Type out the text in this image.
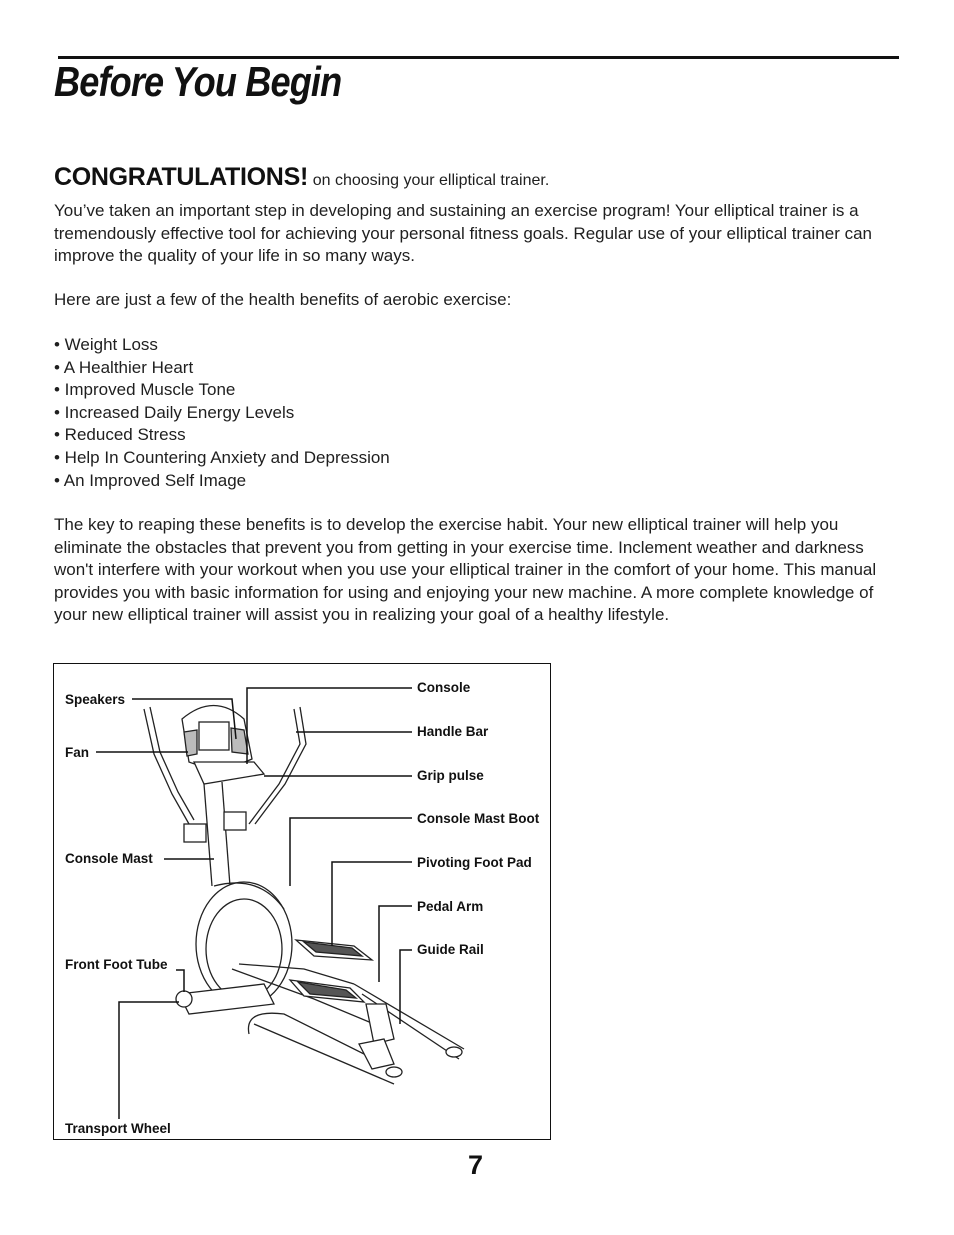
Before You Begin
CONGRATULATIONS! on choosing your elliptical trainer.
You’ve taken an important step in developing and sustaining an exercise program! Your elliptical trainer is a tremendously effective tool for achieving your personal fitness goals. Regular use of your elliptical trainer can improve the quality of your life in so many ways.
Here are just a few of the health benefits of aerobic exercise:
• Weight Loss
• A Healthier Heart
• Improved Muscle Tone
• Increased Daily Energy Levels
• Reduced Stress
• Help In Countering Anxiety and Depression
• An Improved Self Image
The key to reaping these benefits is to develop the exercise habit. Your new elliptical trainer will help you eliminate the obstacles that prevent you from getting in your exercise time. Inclement weather and darkness won't interfere with your workout when you use your elliptical trainer in the comfort of your home. This manual provides you with basic information for using and enjoying your new machine. A more complete knowledge of your new elliptical trainer will assist you in realizing your goal of a healthy lifestyle.
Speakers
Fan
Console Mast
Front Foot Tube
Transport Wheel
Console
Handle Bar
Grip pulse
Console Mast Boot
Pivoting Foot Pad
Pedal Arm
Guide Rail
7
